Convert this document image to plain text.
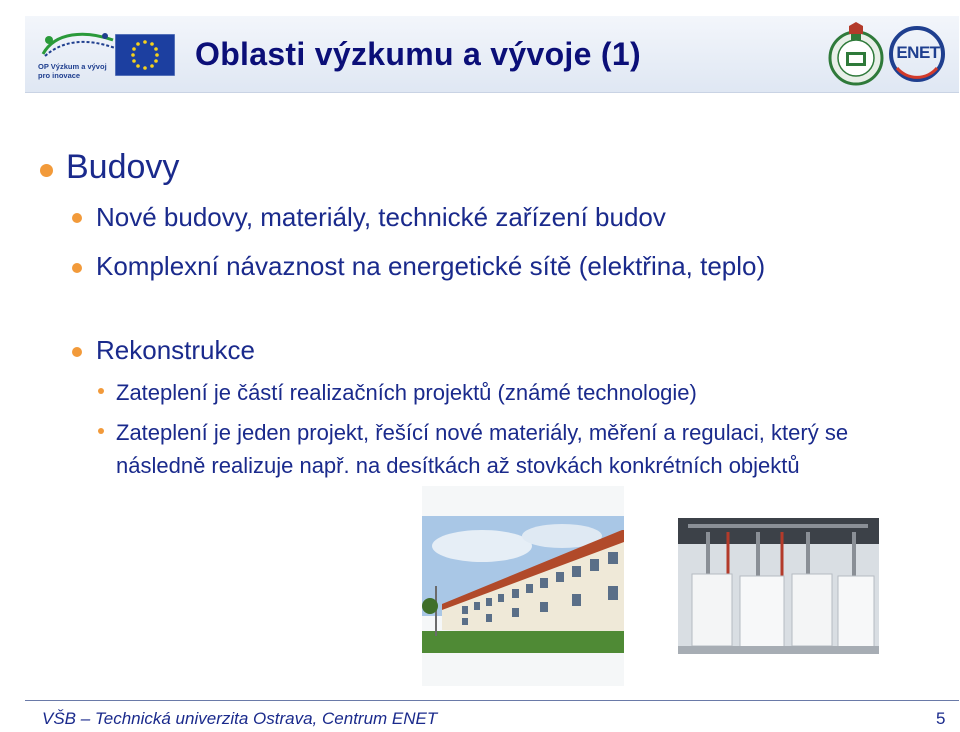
OP Výzkum a vývoj pro inovace
Oblasti výzkumu a vývoje (1)	ENET
Budovy
Nové budovy, materiály, technické zařízení budov
Komplexní návaznost na energetické sítě (elektřina, teplo)
Rekonstrukce
Zateplení je částí realizačních projektů (známé technologie)
Zateplení je jeden projekt, řešící nové materiály, měření a regulaci, který se následně realizuje např. na desítkách až stovkách konkrétních objektů
VŠB – Technická univerzita Ostrava, Centrum ENET	5
